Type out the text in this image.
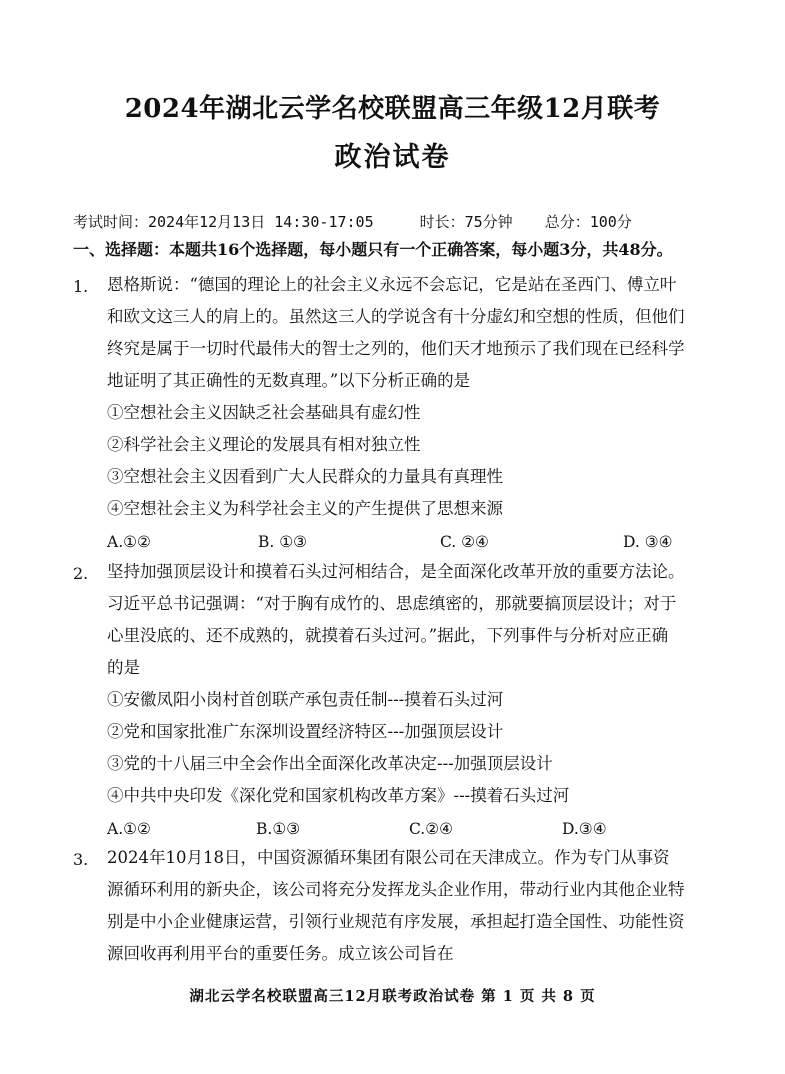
2024年湖北云学名校联盟高三年级12月联考
政治试卷
考试时间：2024年12月13日 14:30-17:05	时长：75分钟 总分：100分
一、选择题：本题共16个选择题，每小题只有一个正确答案，每小题3分，共48分。
1. 恩格斯说：“德国的理论上的社会主义永远不会忘记，它是站在圣西门、傅立叶
和欧文这三人的肩上的。虽然这三人的学说含有十分虚幻和空想的性质，但他们
终究是属于一切时代最伟大的智士之列的，他们天才地预示了我们现在已经科学
地证明了其正确性的无数真理。”以下分析正确的是
①空想社会主义因缺乏社会基础具有虚幻性
②科学社会主义理论的发展具有相对独立性
③空想社会主义因看到广大人民群众的力量具有真理性
④空想社会主义为科学社会主义的产生提供了思想来源
A.①②	B. ①③	C. ②④	D. ③④
2. 坚持加强顶层设计和摸着石头过河相结合，是全面深化改革开放的重要方法论。
习近平总书记强调：“对于胸有成竹的、思虑缜密的，那就要搞顶层设计；对于
心里没底的、还不成熟的，就摸着石头过河。”据此，下列事件与分析对应正确
的是
①安徽凤阳小岗村首创联产承包责任制---摸着石头过河
②党和国家批准广东深圳设置经济特区---加强顶层设计
③党的十八届三中全会作出全面深化改革决定---加强顶层设计
④中共中央印发《深化党和国家机构改革方案》---摸着石头过河
A.①②	B.①③	C.②④	D.③④
3. 2024年10月18日，中国资源循环集团有限公司在天津成立。作为专门从事资
源循环利用的新央企，该公司将充分发挥龙头企业作用，带动行业内其他企业特
别是中小企业健康运营，引领行业规范有序发展，承担起打造全国性、功能性资
源回收再利用平台的重要任务。成立该公司旨在
湖北云学名校联盟高三12月联考政治试卷 第 1 页 共 8 页
